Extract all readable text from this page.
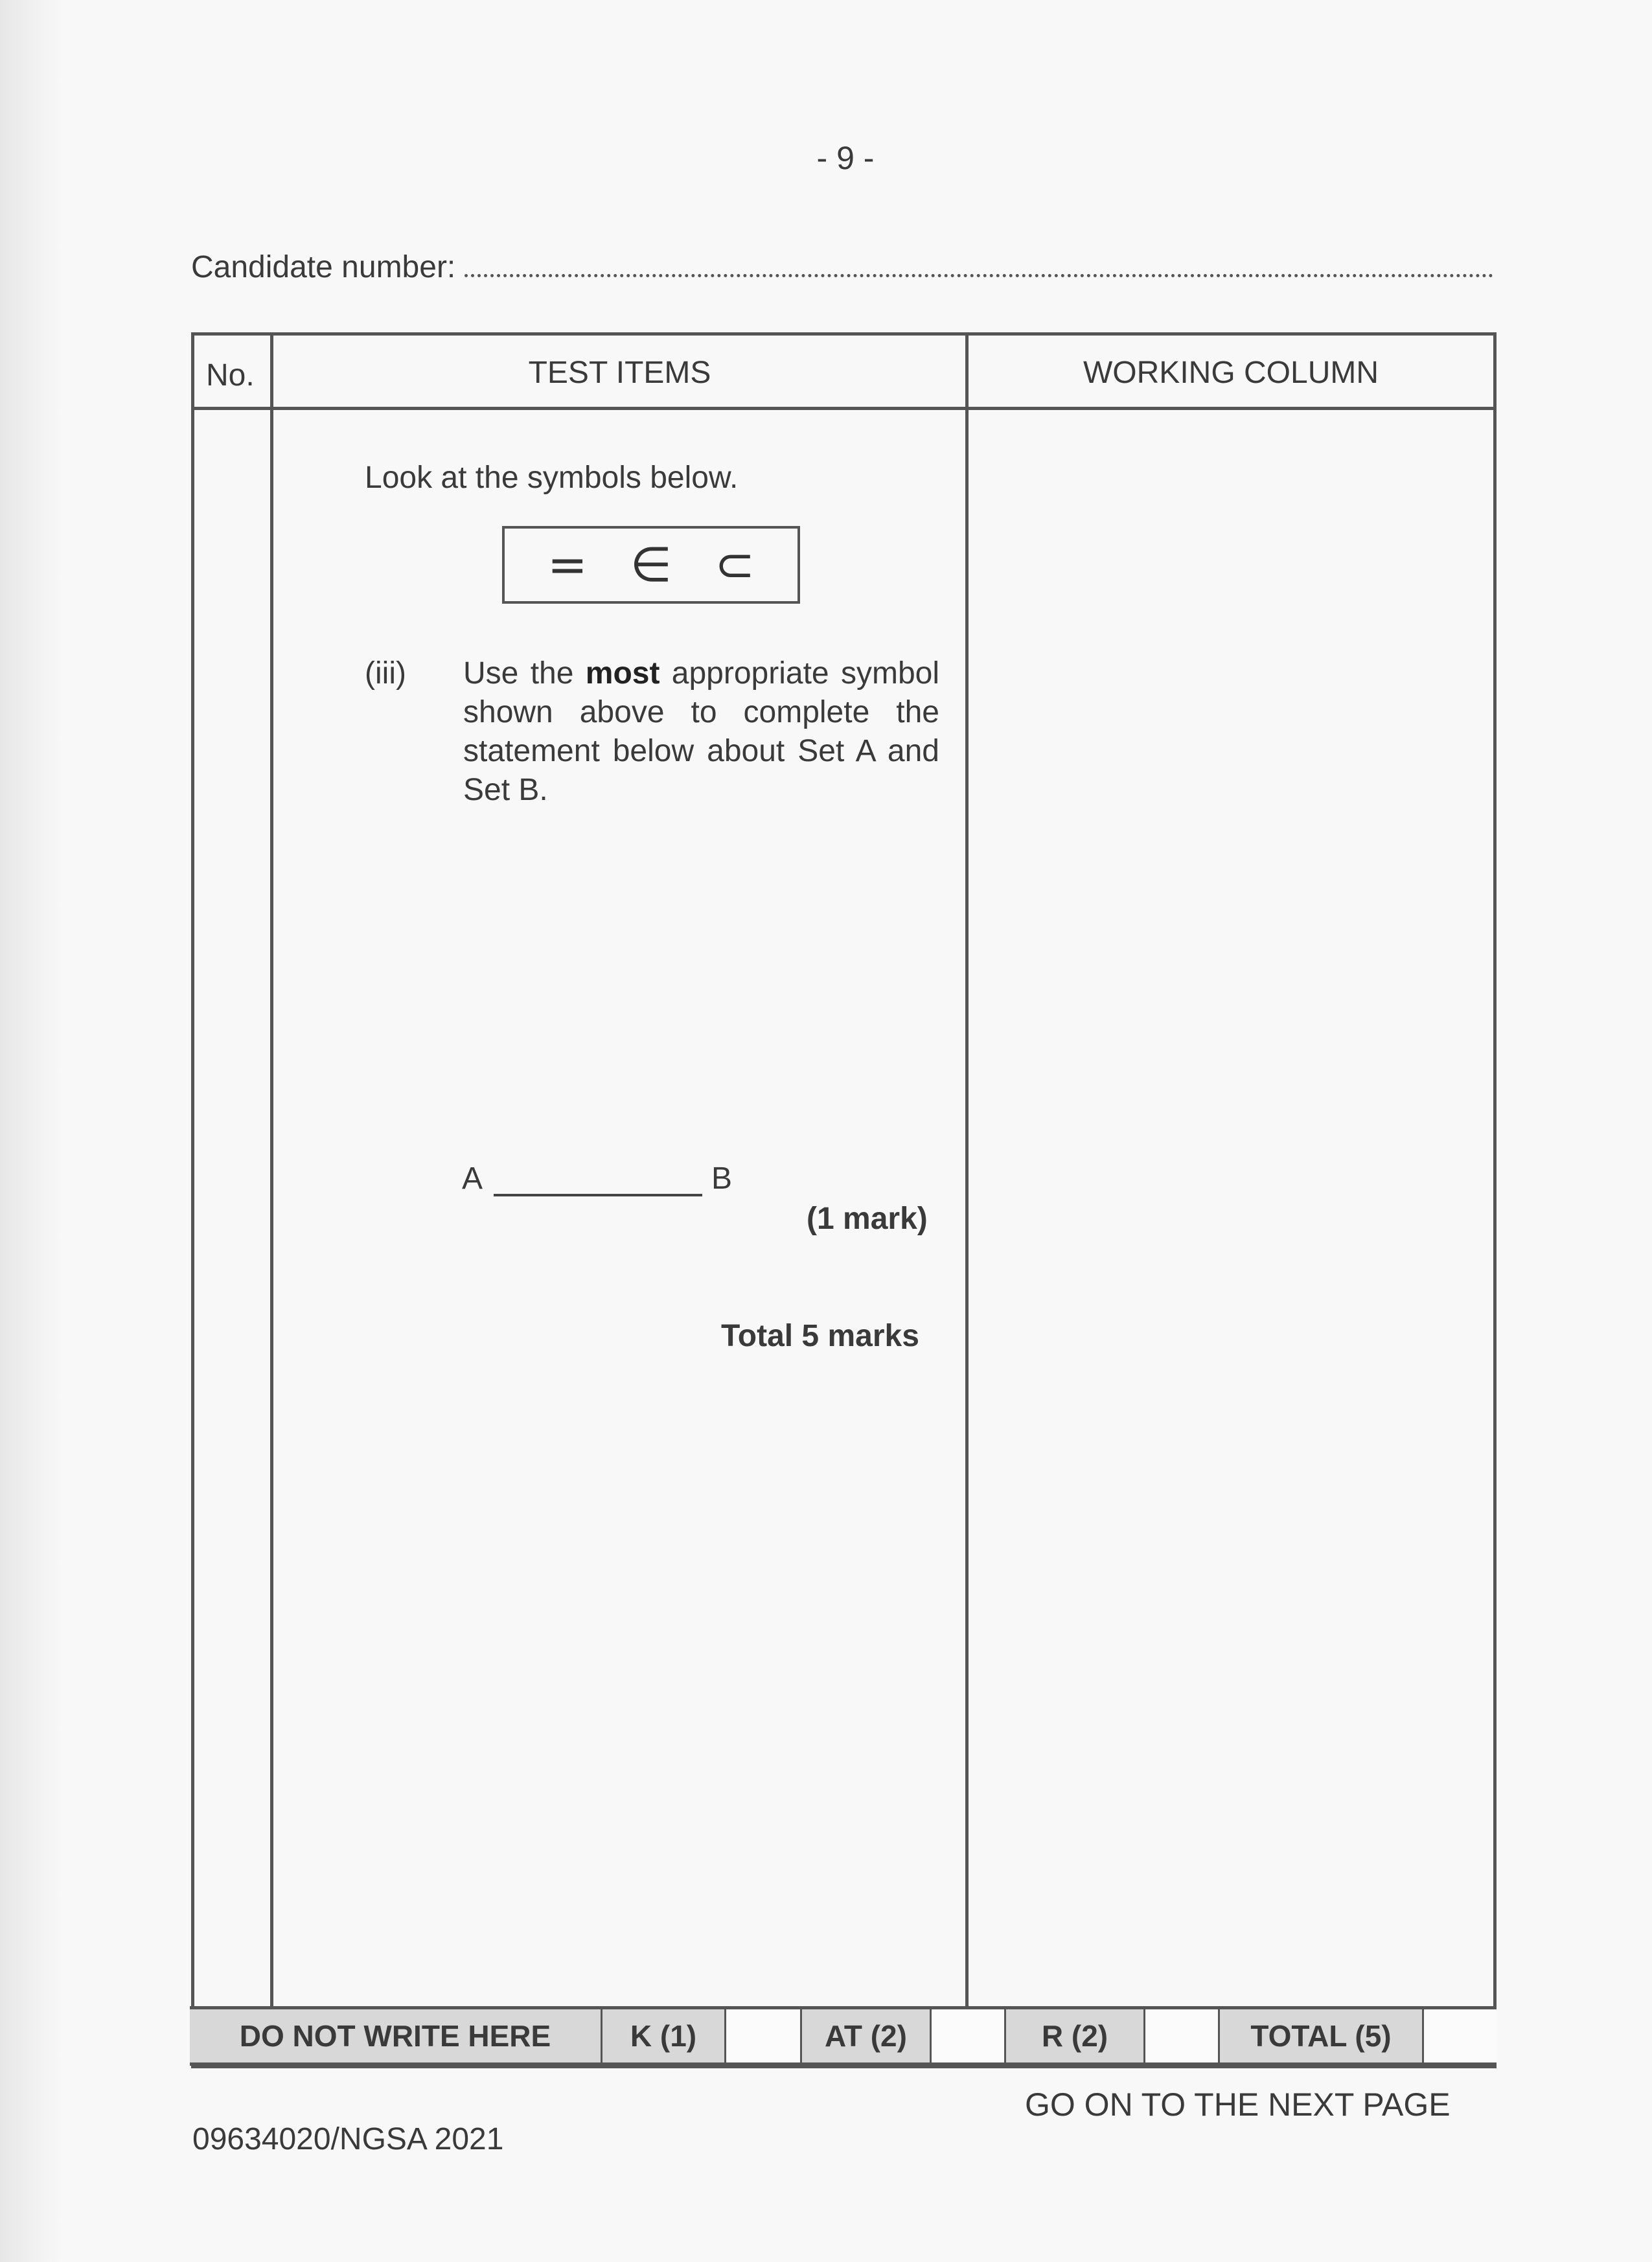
- 9 -
Candidate number:
No.	TEST ITEMS	WORKING COLUMN
Look at the symbols below.
= ∈ ⊂
(iii) Use the most appropriate symbol shown above to complete the statement below about Set A and Set B.
A	B
(1 mark)
Total 5 marks
DO NOT WRITE HERE	K (1)	AT (2)	R (2)	TOTAL (5)
GO ON TO THE NEXT PAGE
09634020/NGSA 2021
